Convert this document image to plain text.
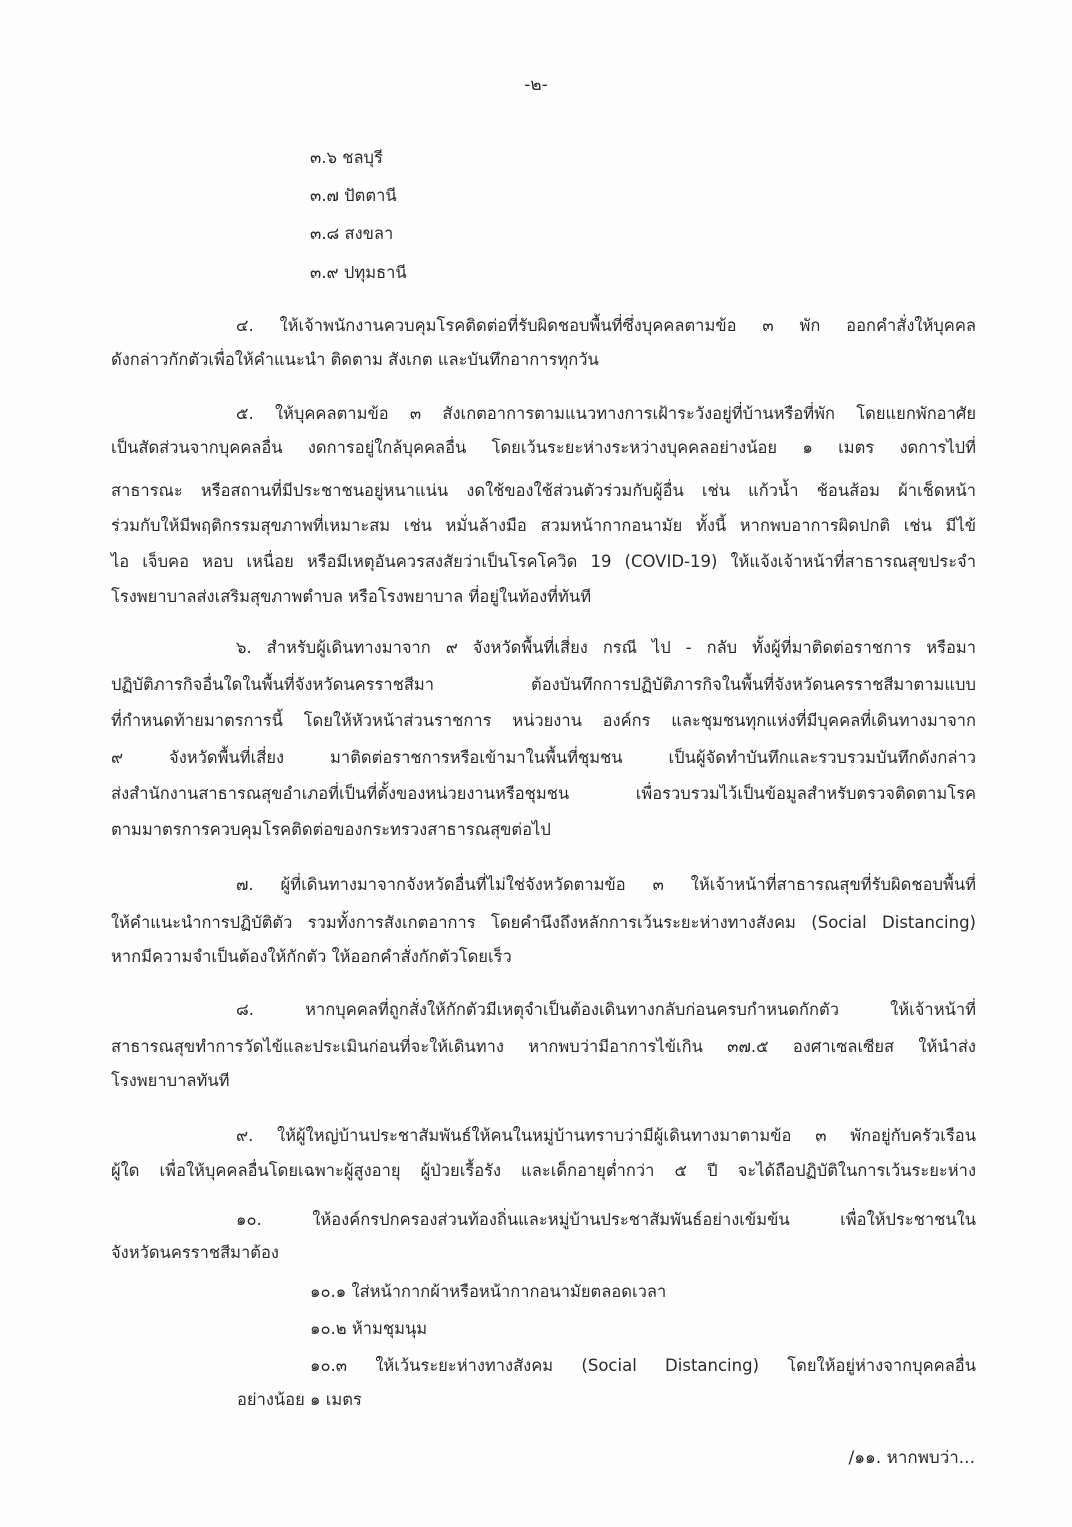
-๒-
๓.๖ ชลบุรี
๓.๗ ปัตตานี
๓.๘ สงขลา
๓.๙ ปทุมธานี
๔. ให้เจ้าพนักงานควบคุมโรคติดต่อที่รับผิดชอบพื้นที่ซึ่งบุคคลตามข้อ ๓ พัก ออกคำสั่งให้บุคคล
ดังกล่าวกักตัวเพื่อให้คำแนะนำ ติดตาม สังเกต และบันทึกอาการทุกวัน
๕. ให้บุคคลตามข้อ ๓ สังเกตอาการตามแนวทางการเฝ้าระวังอยู่ที่บ้านหรือที่พัก โดยแยกพักอาศัย
เป็นสัดส่วนจากบุคคลอื่น งดการอยู่ใกล้บุคคลอื่น โดยเว้นระยะห่างระหว่างบุคคลอย่างน้อย ๑ เมตร งดการไปที่
สาธารณะ หรือสถานที่มีประชาชนอยู่หนาแน่น งดใช้ของใช้ส่วนตัวร่วมกับผู้อื่น เช่น แก้วน้ำ ช้อนส้อม ผ้าเช็ดหน้า
ร่วมกับให้มีพฤติกรรมสุขภาพที่เหมาะสม เช่น หมั่นล้างมือ สวมหน้ากากอนามัย ทั้งนี้ หากพบอาการผิดปกติ เช่น มีไข้
ไอ เจ็บคอ หอบ เหนื่อย หรือมีเหตุอันควรสงสัยว่าเป็นโรคโควิด 19 (COVID-19) ให้แจ้งเจ้าหน้าที่สาธารณสุขประจำ
โรงพยาบาลส่งเสริมสุขภาพตำบล หรือโรงพยาบาล ที่อยู่ในท้องที่ทันที
๖. สำหรับผู้เดินทางมาจาก ๙ จังหวัดพื้นที่เสี่ยง กรณี ไป - กลับ ทั้งผู้ที่มาติดต่อราชการ หรือมา
ปฏิบัติภารกิจอื่นใดในพื้นที่จังหวัดนครราชสีมา ต้องบันทึกการปฏิบัติภารกิจในพื้นที่จังหวัดนครราชสีมาตามแบบ
ที่กำหนดท้ายมาตรการนี้ โดยให้หัวหน้าส่วนราชการ หน่วยงาน องค์กร และชุมชนทุกแห่งที่มีบุคคลที่เดินทางมาจาก
๙ จังหวัดพื้นที่เสี่ยง มาติดต่อราชการหรือเข้ามาในพื้นที่ชุมชน เป็นผู้จัดทำบันทึกและรวบรวมบันทึกดังกล่าว
ส่งสำนักงานสาธารณสุขอำเภอที่เป็นที่ตั้งของหน่วยงานหรือชุมชน เพื่อรวบรวมไว้เป็นข้อมูลสำหรับตรวจติดตามโรค
ตามมาตรการควบคุมโรคติดต่อของกระทรวงสาธารณสุขต่อไป
๗. ผู้ที่เดินทางมาจากจังหวัดอื่นที่ไม่ใช่จังหวัดตามข้อ ๓ ให้เจ้าหน้าที่สาธารณสุขที่รับผิดชอบพื้นที่
ให้คำแนะนำการปฏิบัติตัว รวมทั้งการสังเกตอาการ โดยคำนึงถึงหลักการเว้นระยะห่างทางสังคม (Social Distancing)
หากมีความจำเป็นต้องให้กักตัว ให้ออกคำสั่งกักตัวโดยเร็ว
๘. หากบุคคลที่ถูกสั่งให้กักตัวมีเหตุจำเป็นต้องเดินทางกลับก่อนครบกำหนดกักตัว ให้เจ้าหน้าที่
สาธารณสุขทำการวัดไข้และประเมินก่อนที่จะให้เดินทาง หากพบว่ามีอาการไข้เกิน ๓๗.๕ องศาเซลเซียส ให้นำส่ง
โรงพยาบาลทันที
๙. ให้ผู้ใหญ่บ้านประชาสัมพันธ์ให้คนในหมู่บ้านทราบว่ามีผู้เดินทางมาตามข้อ ๓ พักอยู่กับครัวเรือน
ผู้ใด เพื่อให้บุคคลอื่นโดยเฉพาะผู้สูงอายุ ผู้ป่วยเรื้อรัง และเด็กอายุต่ำกว่า ๕ ปี จะได้ถือปฏิบัติในการเว้นระยะห่าง
๑๐. ให้องค์กรปกครองส่วนท้องถิ่นและหมู่บ้านประชาสัมพันธ์อย่างเข้มข้น เพื่อให้ประชาชนใน
จังหวัดนครราชสีมาต้อง
๑๐.๑ ใส่หน้ากากผ้าหรือหน้ากากอนามัยตลอดเวลา
๑๐.๒ ห้ามชุมนุม
๑๐.๓ ให้เว้นระยะห่างทางสังคม (Social Distancing) โดยให้อยู่ห่างจากบุคคลอื่น
อย่างน้อย ๑ เมตร
/๑๑. หากพบว่า...
